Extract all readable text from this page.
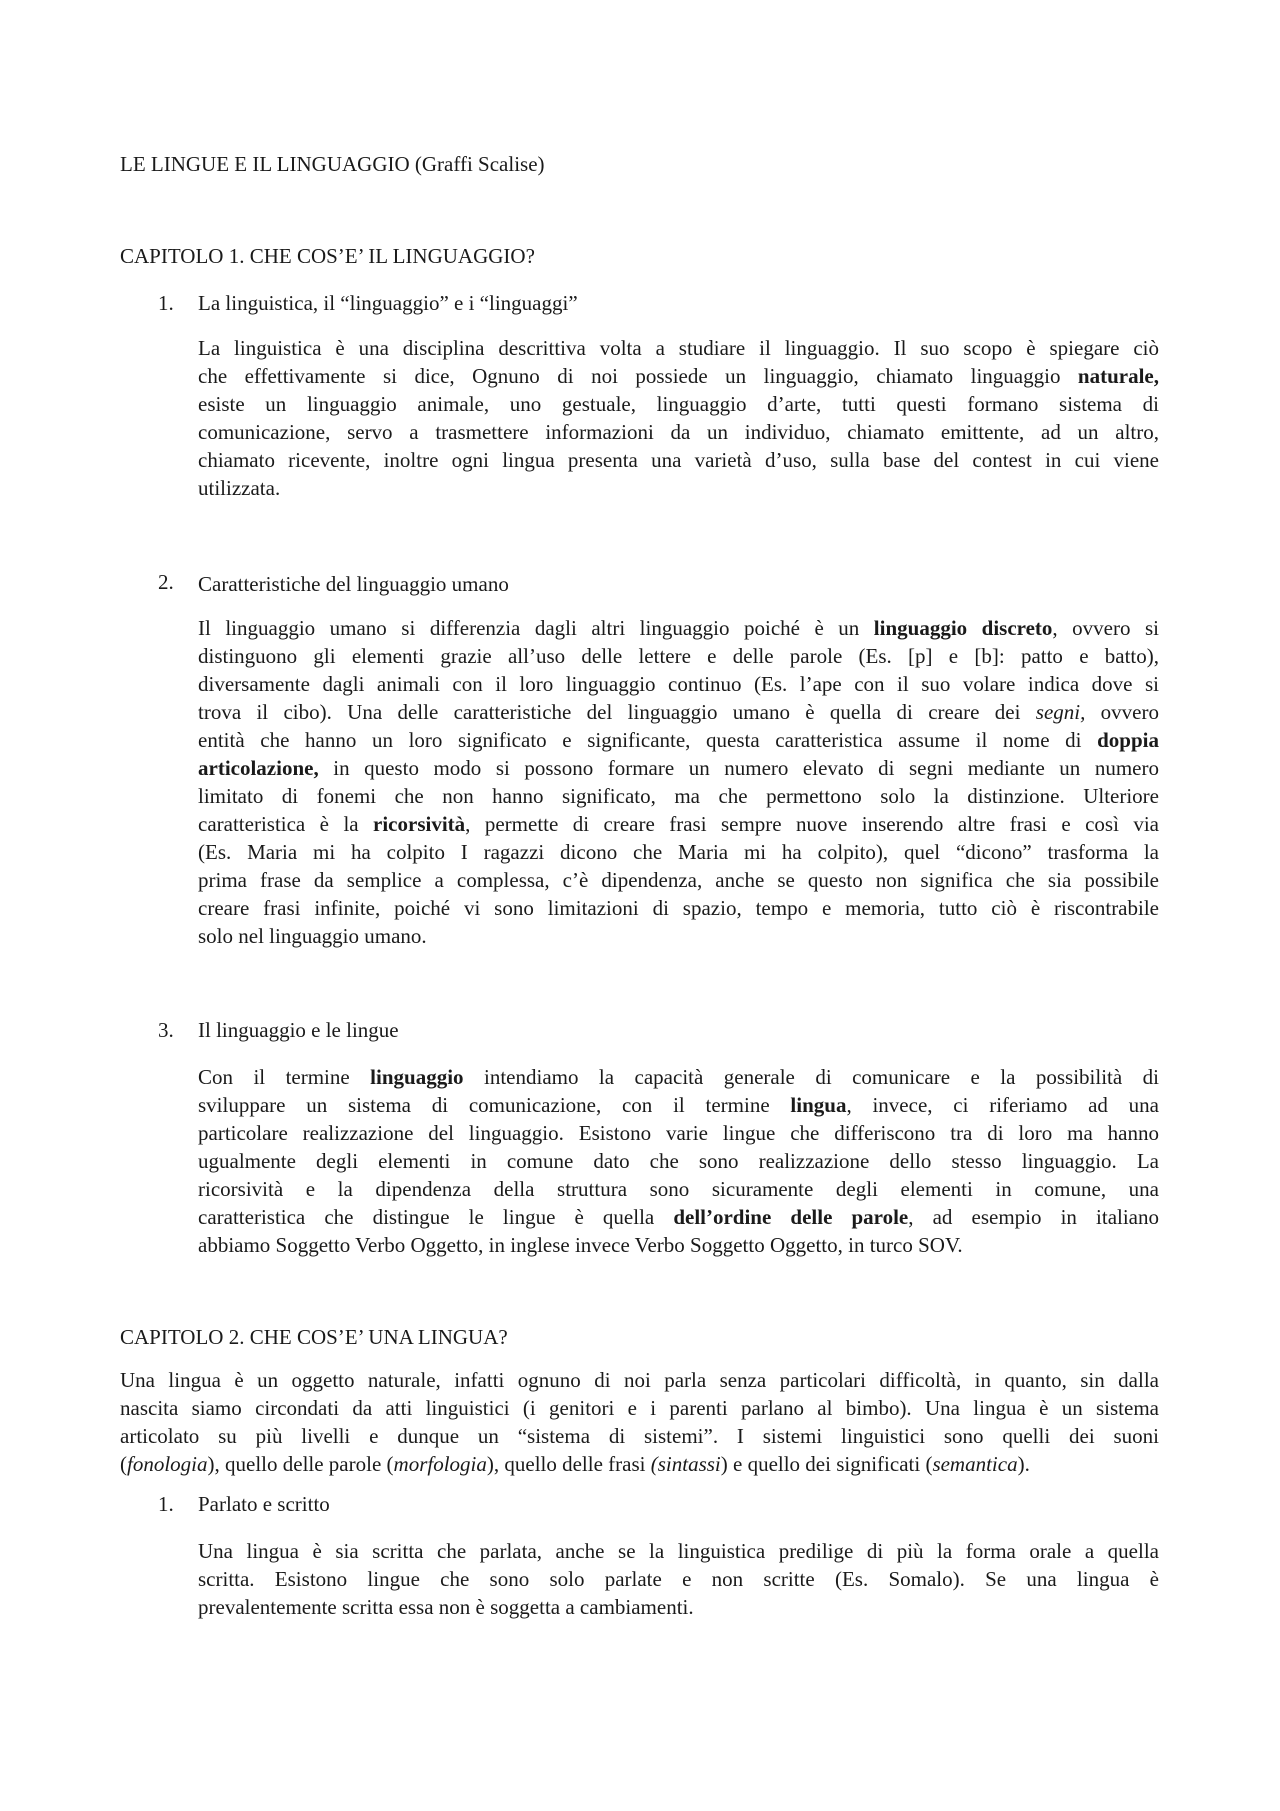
LE LINGUE E IL LINGUAGGIO (Graffi Scalise)
CAPITOLO 1. CHE COS’E’ IL LINGUAGGIO?
1. La linguistica, il “linguaggio” e i “linguaggi”
La linguistica è una disciplina descrittiva volta a studiare il linguaggio. Il suo scopo è spiegare ciò
che effettivamente si dice, Ognuno di noi possiede un linguaggio, chiamato linguaggio naturale,
esiste un linguaggio animale, uno gestuale, linguaggio d’arte, tutti questi formano sistema di
comunicazione, servo a trasmettere informazioni da un individuo, chiamato emittente, ad un altro,
chiamato ricevente, inoltre ogni lingua presenta una varietà d’uso, sulla base del contest in cui viene
utilizzata.
2. Caratteristiche del linguaggio umano
Il linguaggio umano si differenzia dagli altri linguaggio poiché è un linguaggio discreto, ovvero si
distinguono gli elementi grazie all’uso delle lettere e delle parole (Es. [p] e [b]: patto e batto),
diversamente dagli animali con il loro linguaggio continuo (Es. l’ape con il suo volare indica dove si
trova il cibo). Una delle caratteristiche del linguaggio umano è quella di creare dei segni, ovvero
entità che hanno un loro significato e significante, questa caratteristica assume il nome di doppia
articolazione, in questo modo si possono formare un numero elevato di segni mediante un numero
limitato di fonemi che non hanno significato, ma che permettono solo la distinzione. Ulteriore
caratteristica è la ricorsività, permette di creare frasi sempre nuove inserendo altre frasi e così via
(Es. Maria mi ha colpito I ragazzi dicono che Maria mi ha colpito), quel “dicono” trasforma la
prima frase da semplice a complessa, c’è dipendenza, anche se questo non significa che sia possibile
creare frasi infinite, poiché vi sono limitazioni di spazio, tempo e memoria, tutto ciò è riscontrabile
solo nel linguaggio umano.
3. Il linguaggio e le lingue
Con il termine linguaggio intendiamo la capacità generale di comunicare e la possibilità di
sviluppare un sistema di comunicazione, con il termine lingua, invece, ci riferiamo ad una
particolare realizzazione del linguaggio. Esistono varie lingue che differiscono tra di loro ma hanno
ugualmente degli elementi in comune dato che sono realizzazione dello stesso linguaggio. La
ricorsività e la dipendenza della struttura sono sicuramente degli elementi in comune, una
caratteristica che distingue le lingue è quella dell’ordine delle parole, ad esempio in italiano
abbiamo Soggetto Verbo Oggetto, in inglese invece Verbo Soggetto Oggetto, in turco SOV.
CAPITOLO 2. CHE COS’E’ UNA LINGUA?
Una lingua è un oggetto naturale, infatti ognuno di noi parla senza particolari difficoltà, in quanto, sin dalla
nascita siamo circondati da atti linguistici (i genitori e i parenti parlano al bimbo). Una lingua è un sistema
articolato su più livelli e dunque un “sistema di sistemi”. I sistemi linguistici sono quelli dei suoni
(fonologia), quello delle parole (morfologia), quello delle frasi (sintassi) e quello dei significati (semantica).
1. Parlato e scritto
Una lingua è sia scritta che parlata, anche se la linguistica predilige di più la forma orale a quella
scritta. Esistono lingue che sono solo parlate e non scritte (Es. Somalo). Se una lingua è
prevalentemente scritta essa non è soggetta a cambiamenti.
